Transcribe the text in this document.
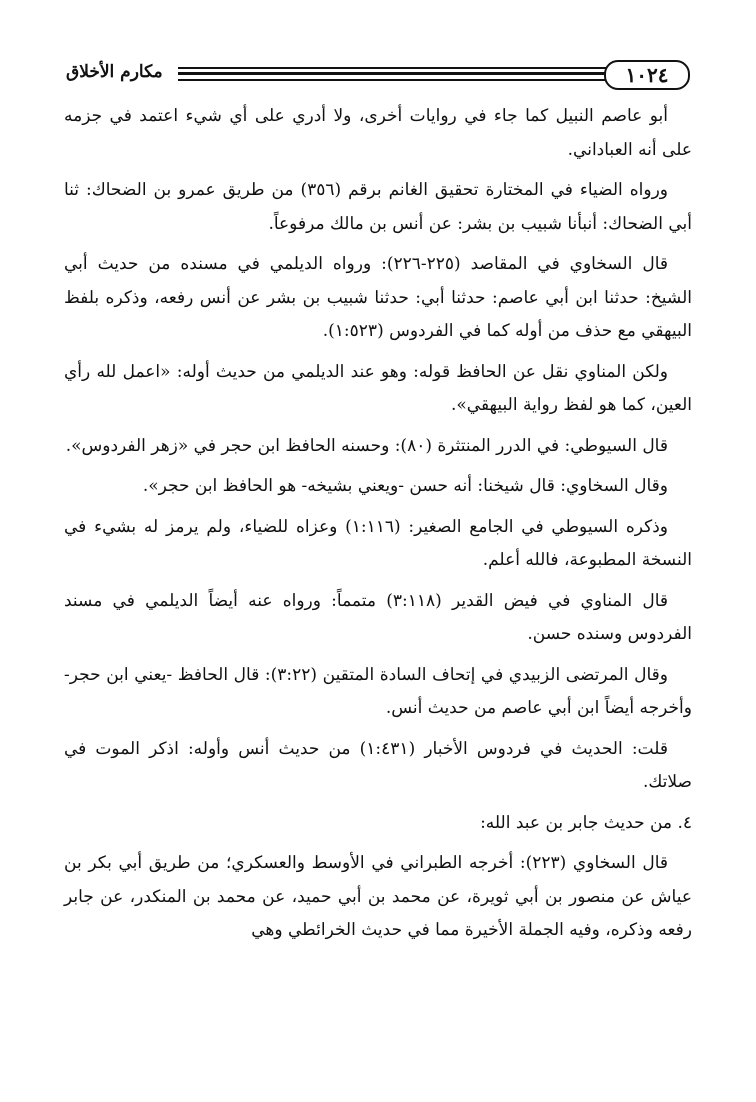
مكارم الأخلاق	١٠٢٤

أبو عاصم النبيل كما جاء في روايات أخرى، ولا أدري على أي شيء اعتمد في جزمه على أنه العباداني.

ورواه الضياء في المختارة تحقيق الغانم برقم (٣٥٦) من طريق عمرو بن الضحاك: ثنا أبي الضحاك: أنبأنا شبيب بن بشر: عن أنس بن مالك مرفوعاً.

قال السخاوي في المقاصد (٢٢٥-٢٢٦): ورواه الديلمي في مسنده من حديث أبي الشيخ: حدثنا ابن أبي عاصم: حدثنا أبي: حدثنا شبيب بن بشر عن أنس رفعه، وذكره بلفظ البيهقي مع حذف من أوله كما في الفردوس (١:٥٢٣).

ولكن المناوي نقل عن الحافظ قوله: وهو عند الديلمي من حديث أوله: «اعمل لله رأي العين، كما هو لفظ رواية البيهقي».

قال السيوطي: في الدرر المنتثرة (٨٠): وحسنه الحافظ ابن حجر في «زهر الفردوس».

وقال السخاوي: قال شيخنا: أنه حسن -ويعني بشيخه- هو الحافظ ابن حجر».

وذكره السيوطي في الجامع الصغير: (١:١١٦) وعزاه للضياء، ولم يرمز له بشيء في النسخة المطبوعة، فالله أعلم.

قال المناوي في فيض القدير (٣:١١٨) متمماً: ورواه عنه أيضاً الديلمي في مسند الفردوس وسنده حسن.

وقال المرتضى الزبيدي في إتحاف السادة المتقين (٣:٢٢): قال الحافظ -يعني ابن حجر- وأخرجه أيضاً ابن أبي عاصم من حديث أنس.

قلت: الحديث في فردوس الأخبار (١:٤٣١) من حديث أنس وأوله: اذكر الموت في صلاتك.

٤. من حديث جابر بن عبد الله:

قال السخاوي (٢٢٣): أخرجه الطبراني في الأوسط والعسكري؛ من طريق أبي بكر بن عياش عن منصور بن أبي ثويرة، عن محمد بن أبي حميد، عن محمد بن المنكدر، عن جابر رفعه وذكره، وفيه الجملة الأخيرة مما في حديث الخرائطي وهي
